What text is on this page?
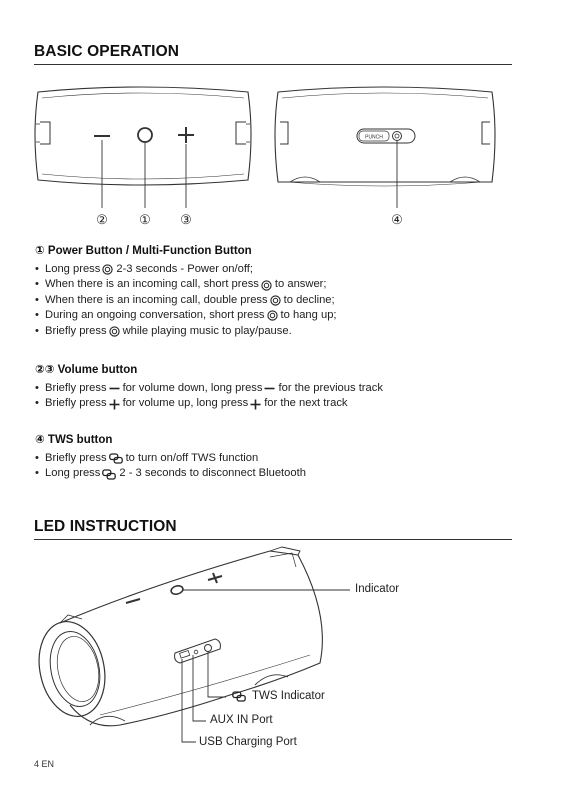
BASIC OPERATION
PUNCH
② ① ③	④
① Power Button / Multi-Function Button
• Long press 2-3 seconds - Power on/off;
• When there is an incoming call, short press to answer;
• When there is an incoming call, double press to decline;
• During an ongoing conversation, short press to hang up;
• Briefly press while playing music to play/pause.
②③ Volume button
• Briefly press for volume down, long press for the previous track
• Briefly press for volume up, long press for the next track
④ TWS button
• Briefly press to turn on/off TWS function
• Long press 2 - 3 seconds to disconnect Bluetooth
LED INSTRUCTION
Indicator
TWS Indicator
AUX IN Port
USB Charging Port
4 EN
